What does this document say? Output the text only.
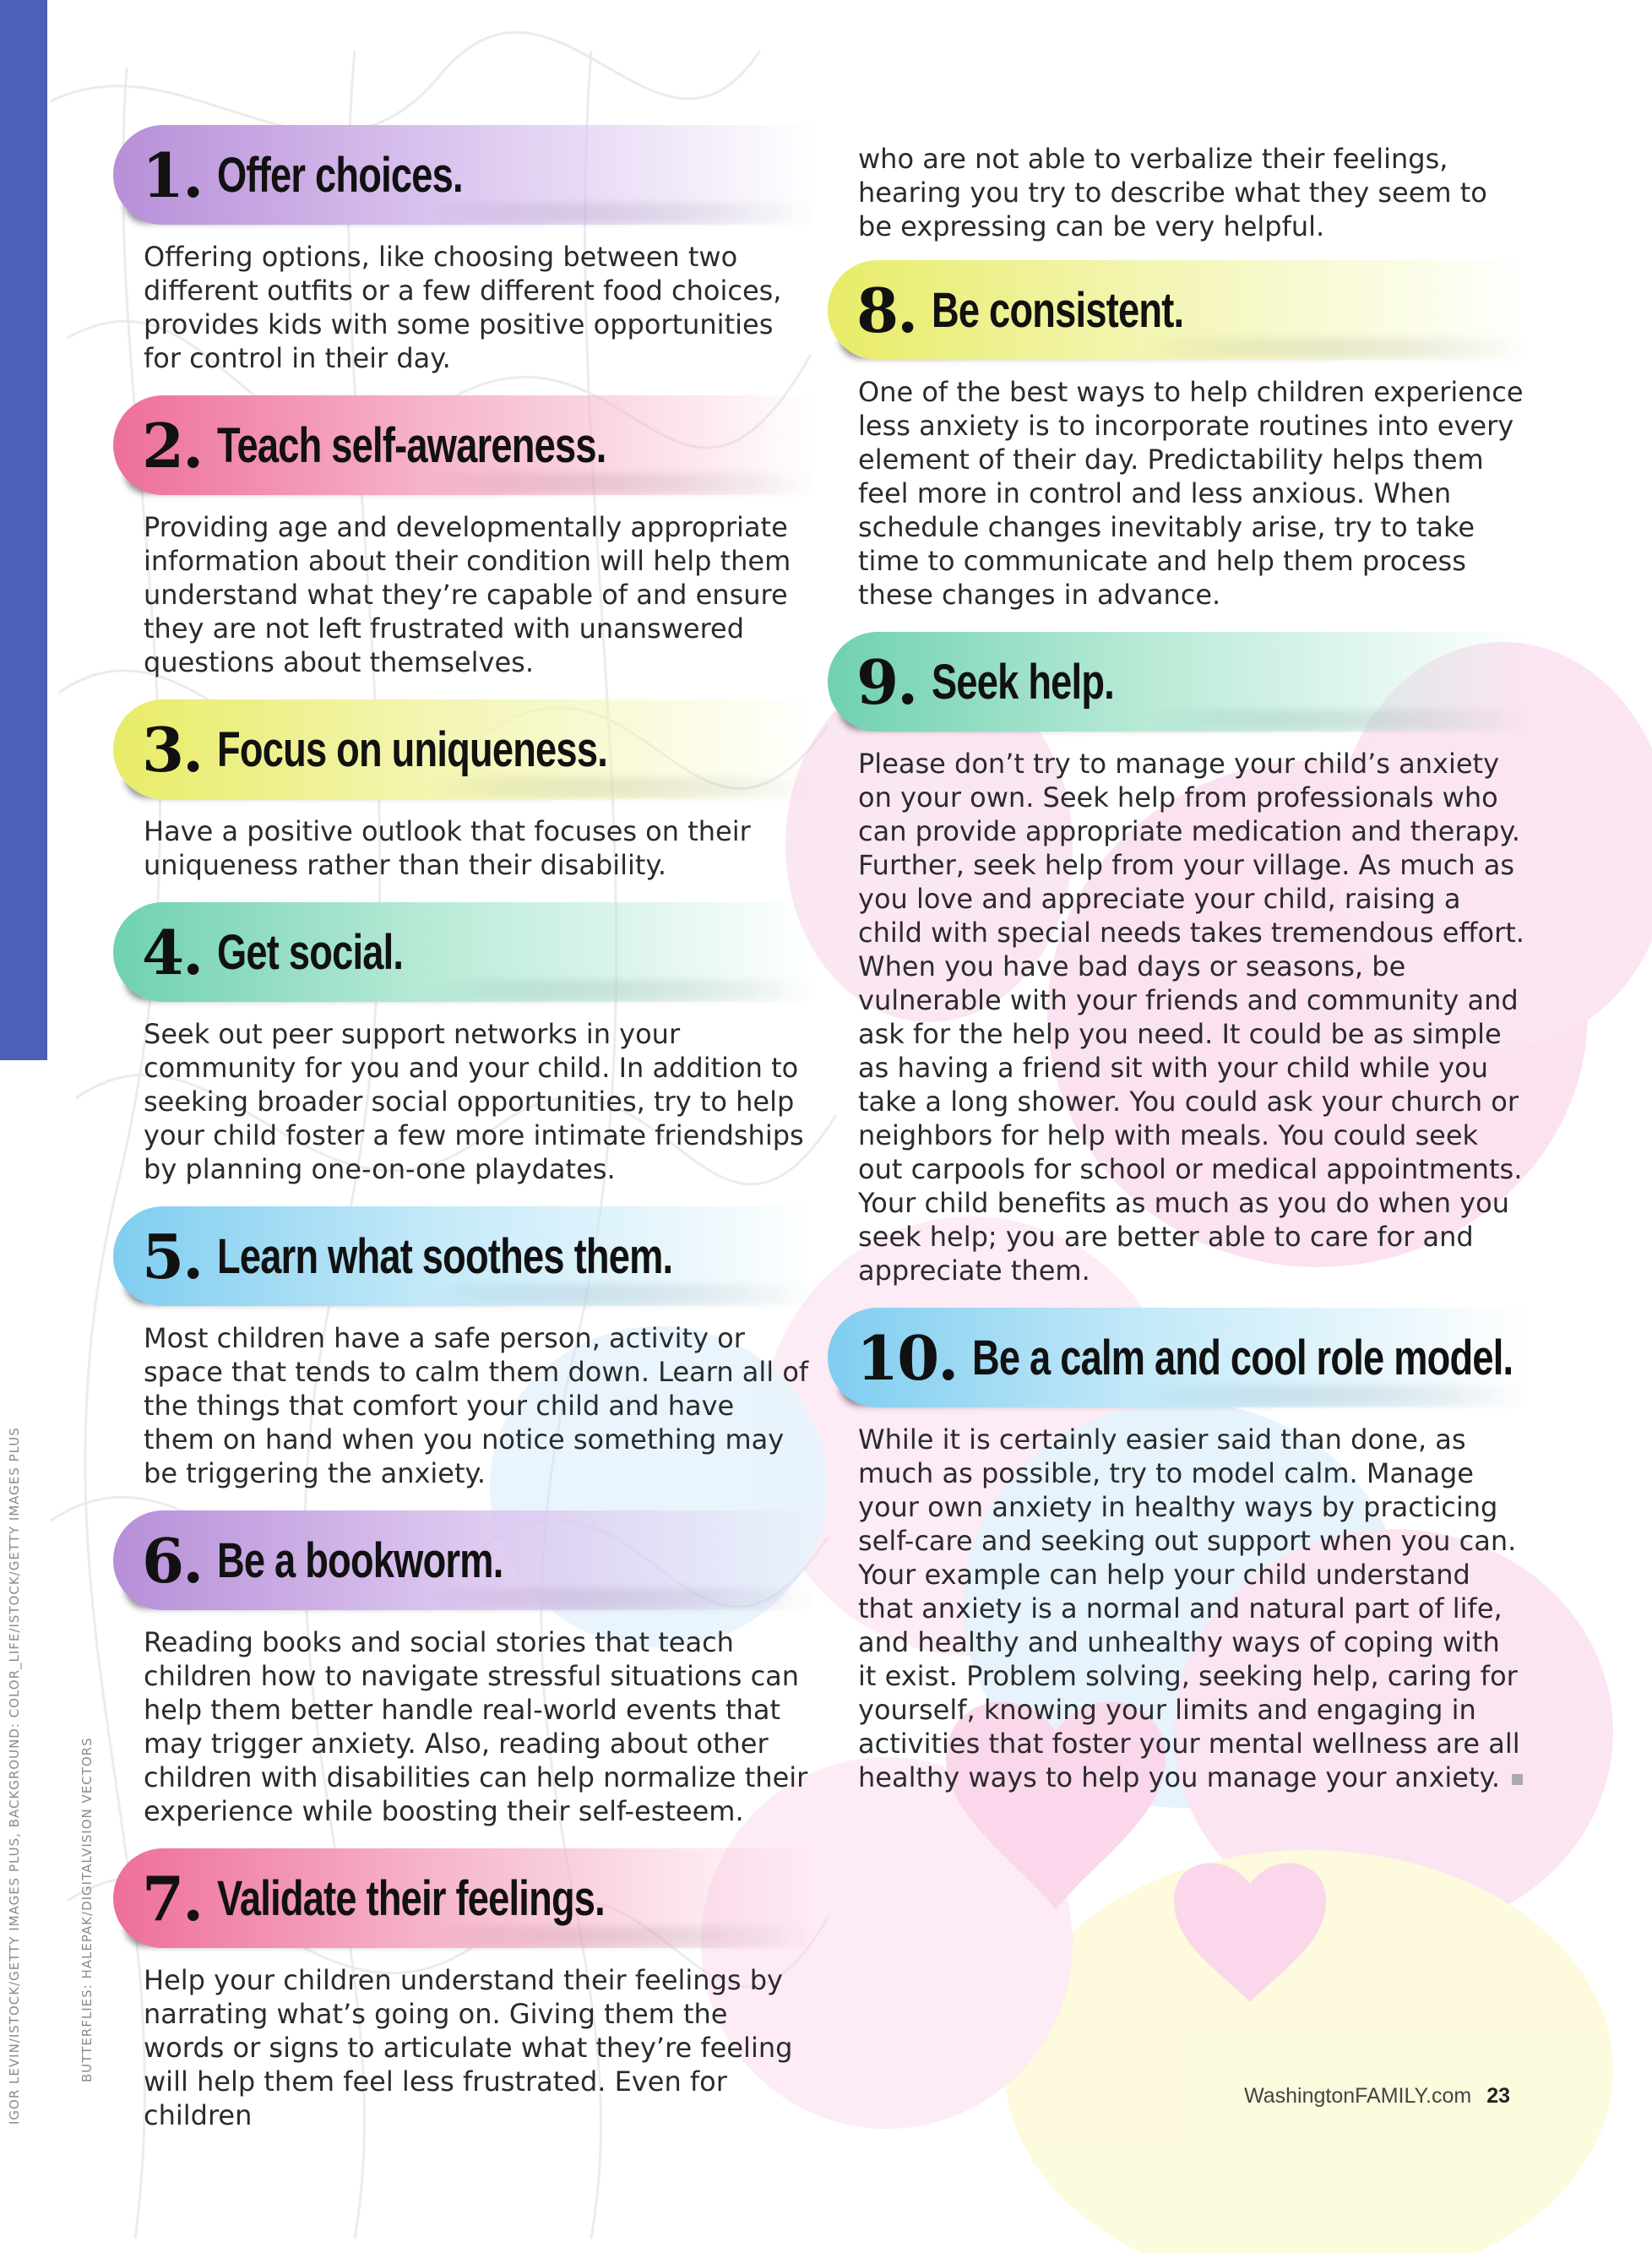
IGOR LEVIN/ISTOCK/GETTY IMAGES PLUS, BACKGROUND: COLOR_LIFE/ISTOCK/GETTY IMAGES PLUS	BUTTERFLIES: HALEPAK/DIGITALVISION VECTORS
1. Offer choices.

Offering options, like choosing between two different outfits or a few different food choices, provides kids with some positive opportunities for control in their day.

2. Teach self-awareness.

Providing age and developmentally appropriate information about their condition will help them understand what they’re capable of and ensure they are not left frustrated with unanswered questions about themselves.

3. Focus on uniqueness.

Have a positive outlook that focuses on their uniqueness rather than their disability.

4. Get social.

Seek out peer support networks in your community for you and your child. In addition to seeking broader social opportunities, try to help your child foster a few more intimate friendships by planning one-on-one playdates.

5. Learn what soothes them.

Most children have a safe person, activity or space that tends to calm them down. Learn all of the things that comfort your child and have them on hand when you notice something may be triggering the anxiety.

6. Be a bookworm.

Reading books and social stories that teach children how to navigate stressful situations can help them better handle real-world events that may trigger anxiety. Also, reading about other children with disabilities can help normalize their experience while boosting their self-esteem.

7. Validate their feelings.

Help your children understand their feelings by narrating what’s going on. Giving them the words or signs to articulate what they’re feeling will help them feel less frustrated. Even for children

who are not able to verbalize their feelings, hearing you try to describe what they seem to be expressing can be very helpful.

8. Be consistent.

One of the best ways to help children experience less anxiety is to incorporate routines into every element of their day. Predictability helps them feel more in control and less anxious. When schedule changes inevitably arise, try to take time to communicate and help them process these changes in advance.

9. Seek help.

Please don’t try to manage your child’s anxiety on your own. Seek help from professionals who can provide appropriate medication and therapy. Further, seek help from your village. As much as you love and appreciate your child, raising a child with special needs takes tremendous effort. When you have bad days or seasons, be vulnerable with your friends and community and ask for the help you need. It could be as simple as having a friend sit with your child while you take a long shower. You could ask your church or neighbors for help with meals. You could seek out carpools for school or medical appointments. Your child benefits as much as you do when you seek help; you are better able to care for and appreciate them.

10. Be a calm and cool role model.

While it is certainly easier said than done, as much as possible, try to model calm. Manage your own anxiety in healthy ways by practicing self-care and seeking out support when you can. Your example can help your child understand that anxiety is a normal and natural part of life, and healthy and unhealthy ways of coping with it exist. Problem solving, seeking help, caring for yourself, knowing your limits and engaging in activities that foster your mental wellness are all healthy ways to help you manage your anxiety.

WashingtonFAMILY.com 23
